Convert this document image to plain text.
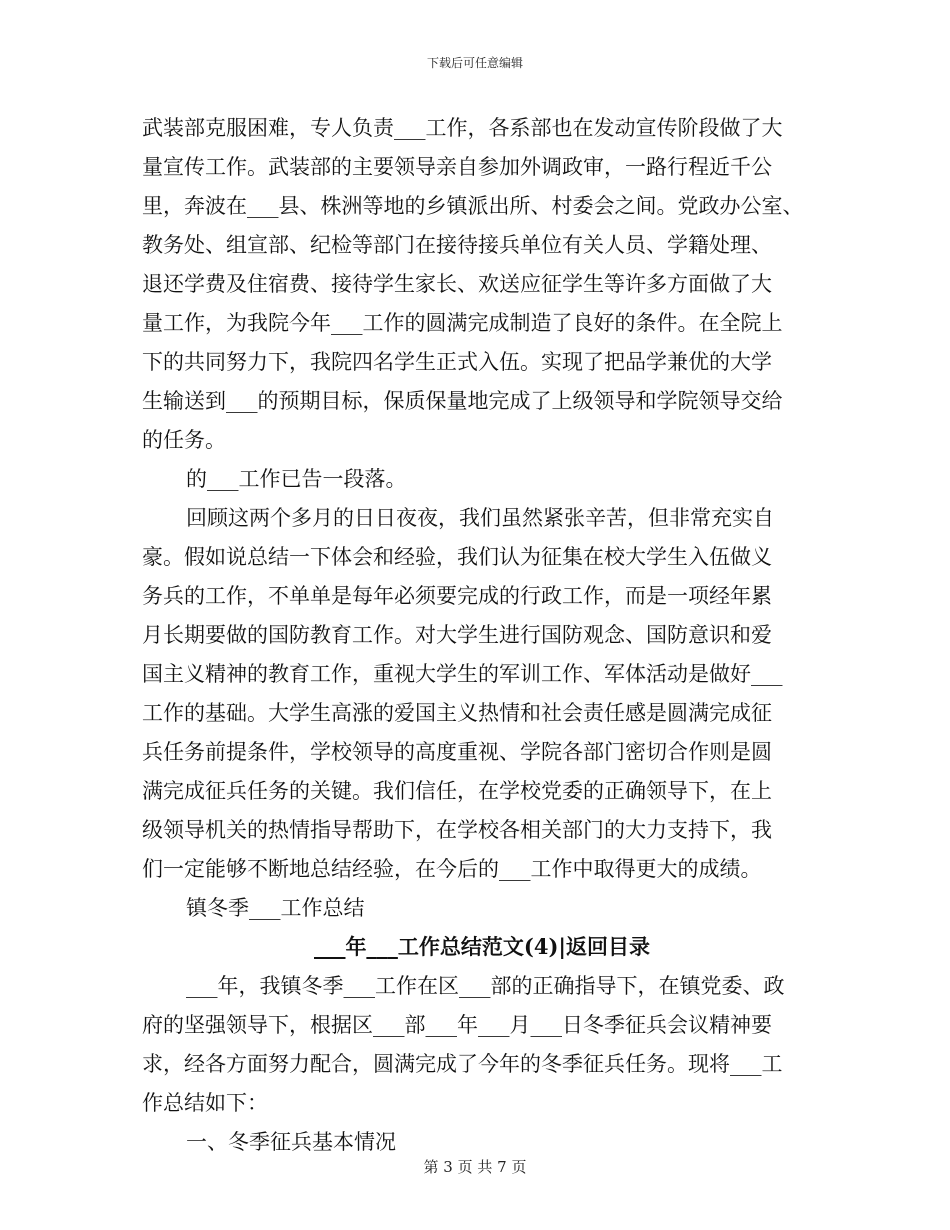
下载后可任意编辑
武装部克服困难，专人负责___工作，各系部也在发动宣传阶段做了大
量宣传工作。武装部的主要领导亲自参加外调政审，一路行程近千公
里，奔波在___县、株洲等地的乡镇派出所、村委会之间。党政办公室、
教务处、组宣部、纪检等部门在接待接兵单位有关人员、学籍处理、
退还学费及住宿费、接待学生家长、欢送应征学生等许多方面做了大
量工作，为我院今年___工作的圆满完成制造了良好的条件。在全院上
下的共同努力下，我院四名学生正式入伍。实现了把品学兼优的大学
生输送到___的预期目标，保质保量地完成了上级领导和学院领导交给
的任务。
的___工作已告一段落。
回顾这两个多月的日日夜夜，我们虽然紧张辛苦，但非常充实自
豪。假如说总结一下体会和经验，我们认为征集在校大学生入伍做义
务兵的工作，不单单是每年必须要完成的行政工作，而是一项经年累
月长期要做的国防教育工作。对大学生进行国防观念、国防意识和爱
国主义精神的教育工作，重视大学生的军训工作、军体活动是做好___
工作的基础。大学生高涨的爱国主义热情和社会责任感是圆满完成征
兵任务前提条件，学校领导的高度重视、学院各部门密切合作则是圆
满完成征兵任务的关键。我们信任，在学校党委的正确领导下，在上
级领导机关的热情指导帮助下，在学校各相关部门的大力支持下，我
们一定能够不断地总结经验，在今后的___工作中取得更大的成绩。
镇冬季___工作总结
___年___工作总结范文(4)|返回目录
___年，我镇冬季___工作在区___部的正确指导下，在镇党委、政
府的坚强领导下，根据区___部___年___月___日冬季征兵会议精神要
求，经各方面努力配合，圆满完成了今年的冬季征兵任务。现将___工
作总结如下：
一、冬季征兵基本情况
第 3 页 共 7 页
